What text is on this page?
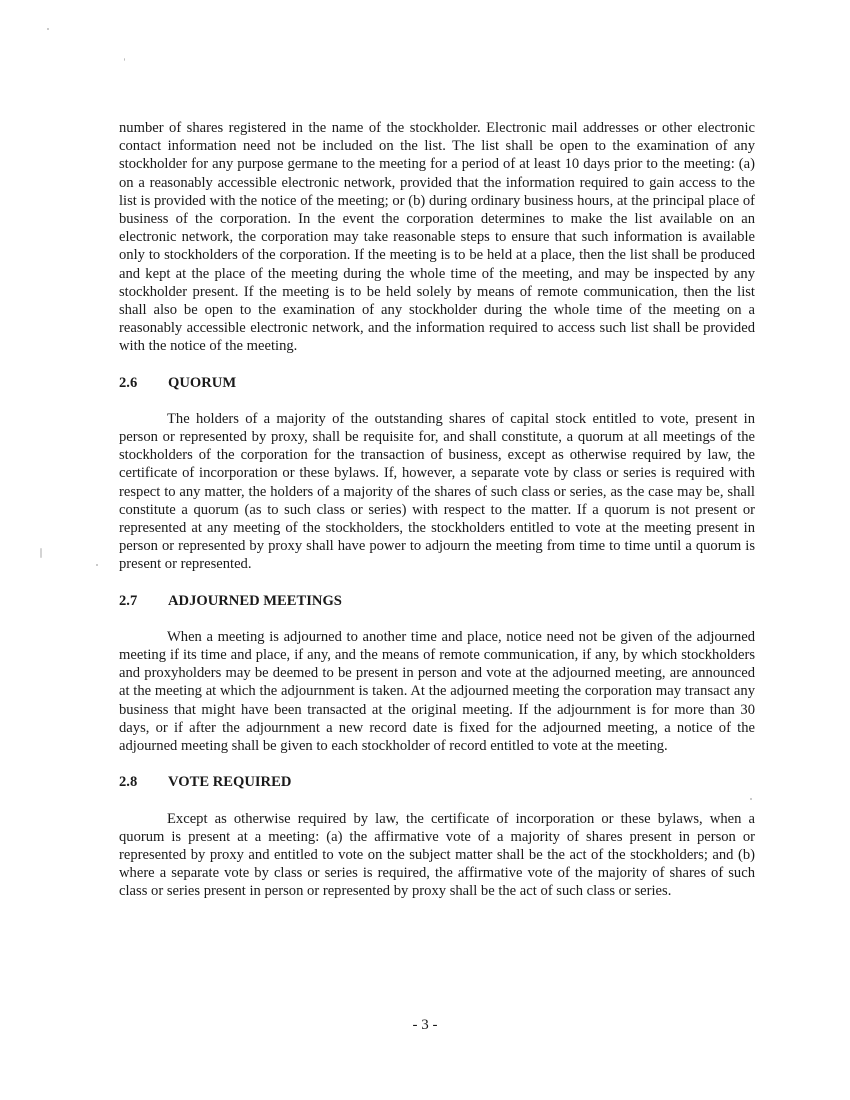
number of shares registered in the name of the stockholder. Electronic mail addresses or other electronic contact information need not be included on the list. The list shall be open to the examination of any stockholder for any purpose germane to the meeting for a period of at least 10 days prior to the meeting: (a) on a reasonably accessible electronic network, provided that the information required to gain access to the list is provided with the notice of the meeting; or (b) during ordinary business hours, at the principal place of business of the corporation. In the event the corporation determines to make the list available on an electronic network, the corporation may take reasonable steps to ensure that such information is available only to stockholders of the corporation. If the meeting is to be held at a place, then the list shall be produced and kept at the place of the meeting during the whole time of the meeting, and may be inspected by any stockholder present. If the meeting is to be held solely by means of remote communication, then the list shall also be open to the examination of any stockholder during the whole time of the meeting on a reasonably accessible electronic network, and the information required to access such list shall be provided with the notice of the meeting.

2.6	QUORUM

The holders of a majority of the outstanding shares of capital stock entitled to vote, present in person or represented by proxy, shall be requisite for, and shall constitute, a quorum at all meetings of the stockholders of the corporation for the transaction of business, except as otherwise required by law, the certificate of incorporation or these bylaws. If, however, a separate vote by class or series is required with respect to any matter, the holders of a majority of the shares of such class or series, as the case may be, shall constitute a quorum (as to such class or series) with respect to the matter. If a quorum is not present or represented at any meeting of the stockholders, the stockholders entitled to vote at the meeting present in person or represented by proxy shall have power to adjourn the meeting from time to time until a quorum is present or represented.

2.7	ADJOURNED MEETINGS

When a meeting is adjourned to another time and place, notice need not be given of the adjourned meeting if its time and place, if any, and the means of remote communication, if any, by which stockholders and proxyholders may be deemed to be present in person and vote at the adjourned meeting, are announced at the meeting at which the adjournment is taken. At the adjourned meeting the corporation may transact any business that might have been transacted at the original meeting. If the adjournment is for more than 30 days, or if after the adjournment a new record date is fixed for the adjourned meeting, a notice of the adjourned meeting shall be given to each stockholder of record entitled to vote at the meeting.

2.8	VOTE REQUIRED

Except as otherwise required by law, the certificate of incorporation or these bylaws, when a quorum is present at a meeting: (a) the affirmative vote of a majority of shares present in person or represented by proxy and entitled to vote on the subject matter shall be the act of the stockholders; and (b) where a separate vote by class or series is required, the affirmative vote of the majority of shares of such class or series present in person or represented by proxy shall be the act of such class or series.

- 3 -
